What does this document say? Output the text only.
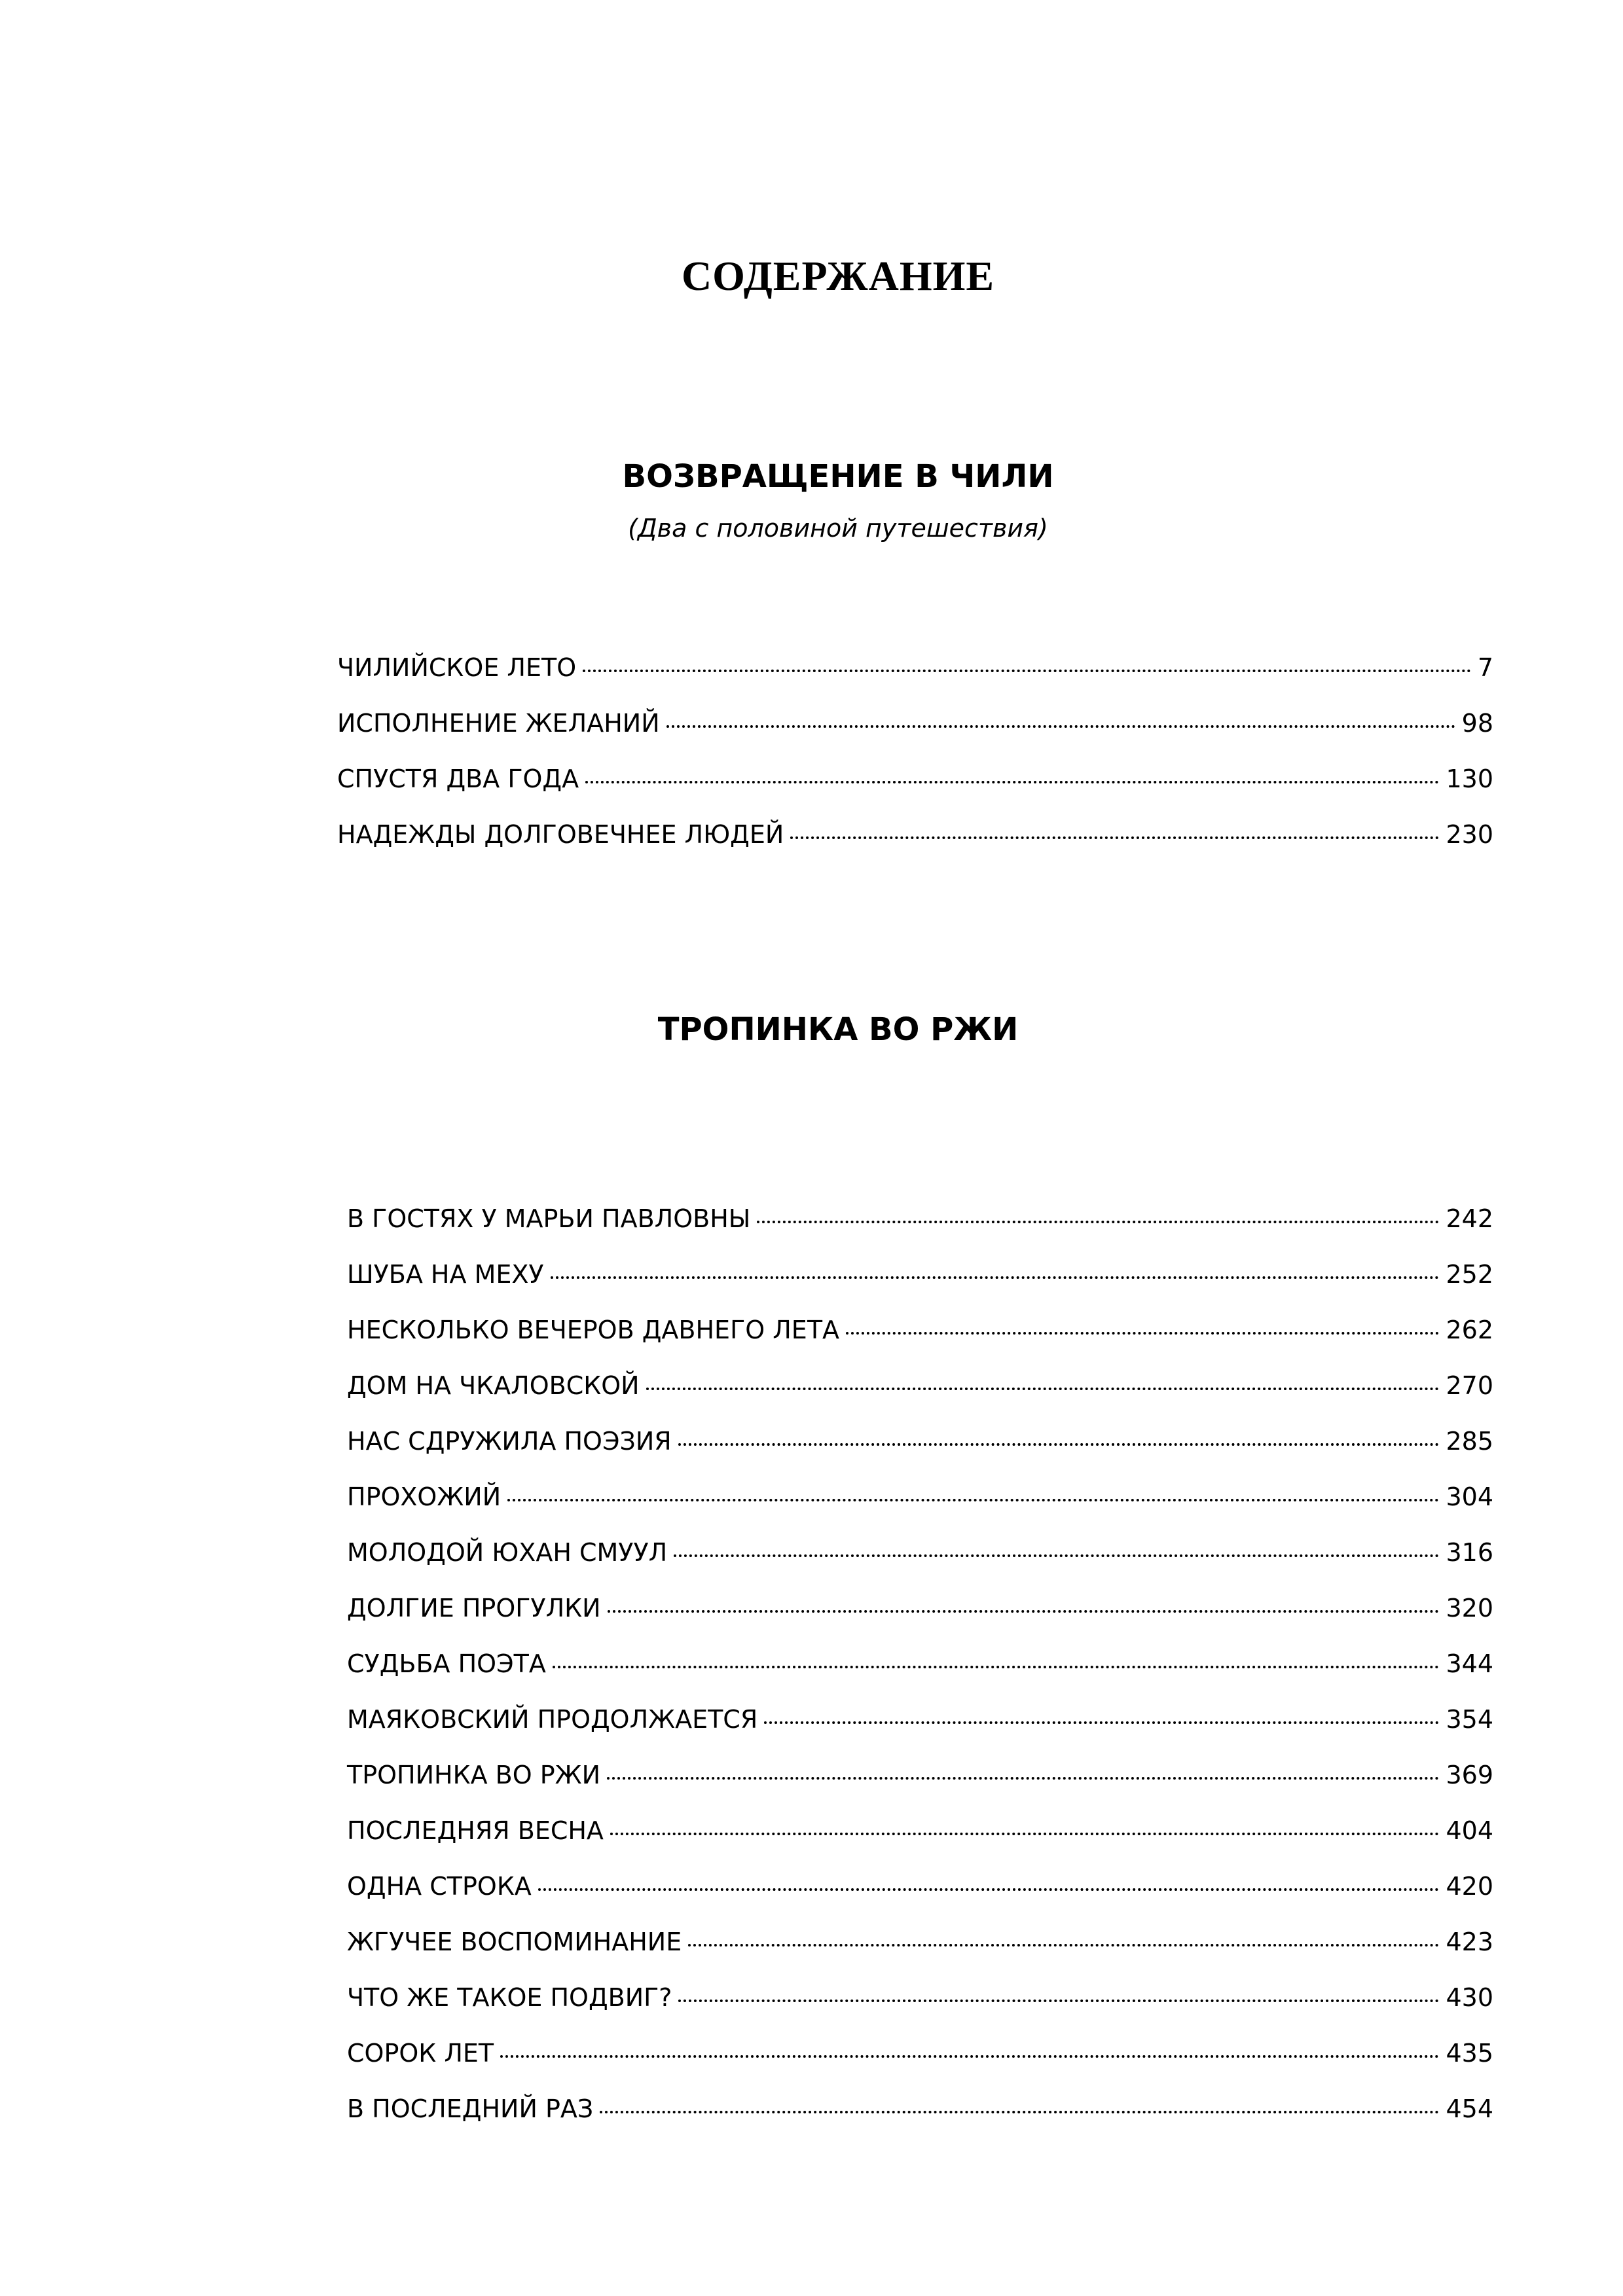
СОДЕРЖАНИЕ
ВОЗВРАЩЕНИЕ В ЧИЛИ

(Два с половиной путешествия)

ЧИЛИЙСКОЕ ЛЕТО	7
ИСПОЛНЕНИЕ ЖЕЛАНИЙ	98
СПУСТЯ ДВА ГОДА	130
НАДЕЖДЫ ДОЛГОВЕЧНЕЕ ЛЮДЕЙ	230
ТРОПИНКА ВО РЖИ
В ГОСТЯХ У МАРЬИ ПАВЛОВНЫ	242
ШУБА НА МЕХУ	252
НЕСКОЛЬКО ВЕЧЕРОВ ДАВНЕГО ЛЕТА	262
ДОМ НА ЧКАЛОВСКОЙ	270
НАС СДРУЖИЛА ПОЭЗИЯ	285
ПРОХОЖИЙ	304
МОЛОДОЙ ЮХАН СМУУЛ	316
ДОЛГИЕ ПРОГУЛКИ	320
СУДЬБА ПОЭТА	344
МАЯКОВСКИЙ ПРОДОЛЖАЕТСЯ	354
ТРОПИНКА ВО РЖИ	369
ПОСЛЕДНЯЯ ВЕСНА	404
ОДНА СТРОКА	420
ЖГУЧЕЕ ВОСПОМИНАНИЕ	423
ЧТО ЖЕ ТАКОЕ ПОДВИГ?	430
СОРОК ЛЕТ	435
В ПОСЛЕДНИЙ РАЗ	454
